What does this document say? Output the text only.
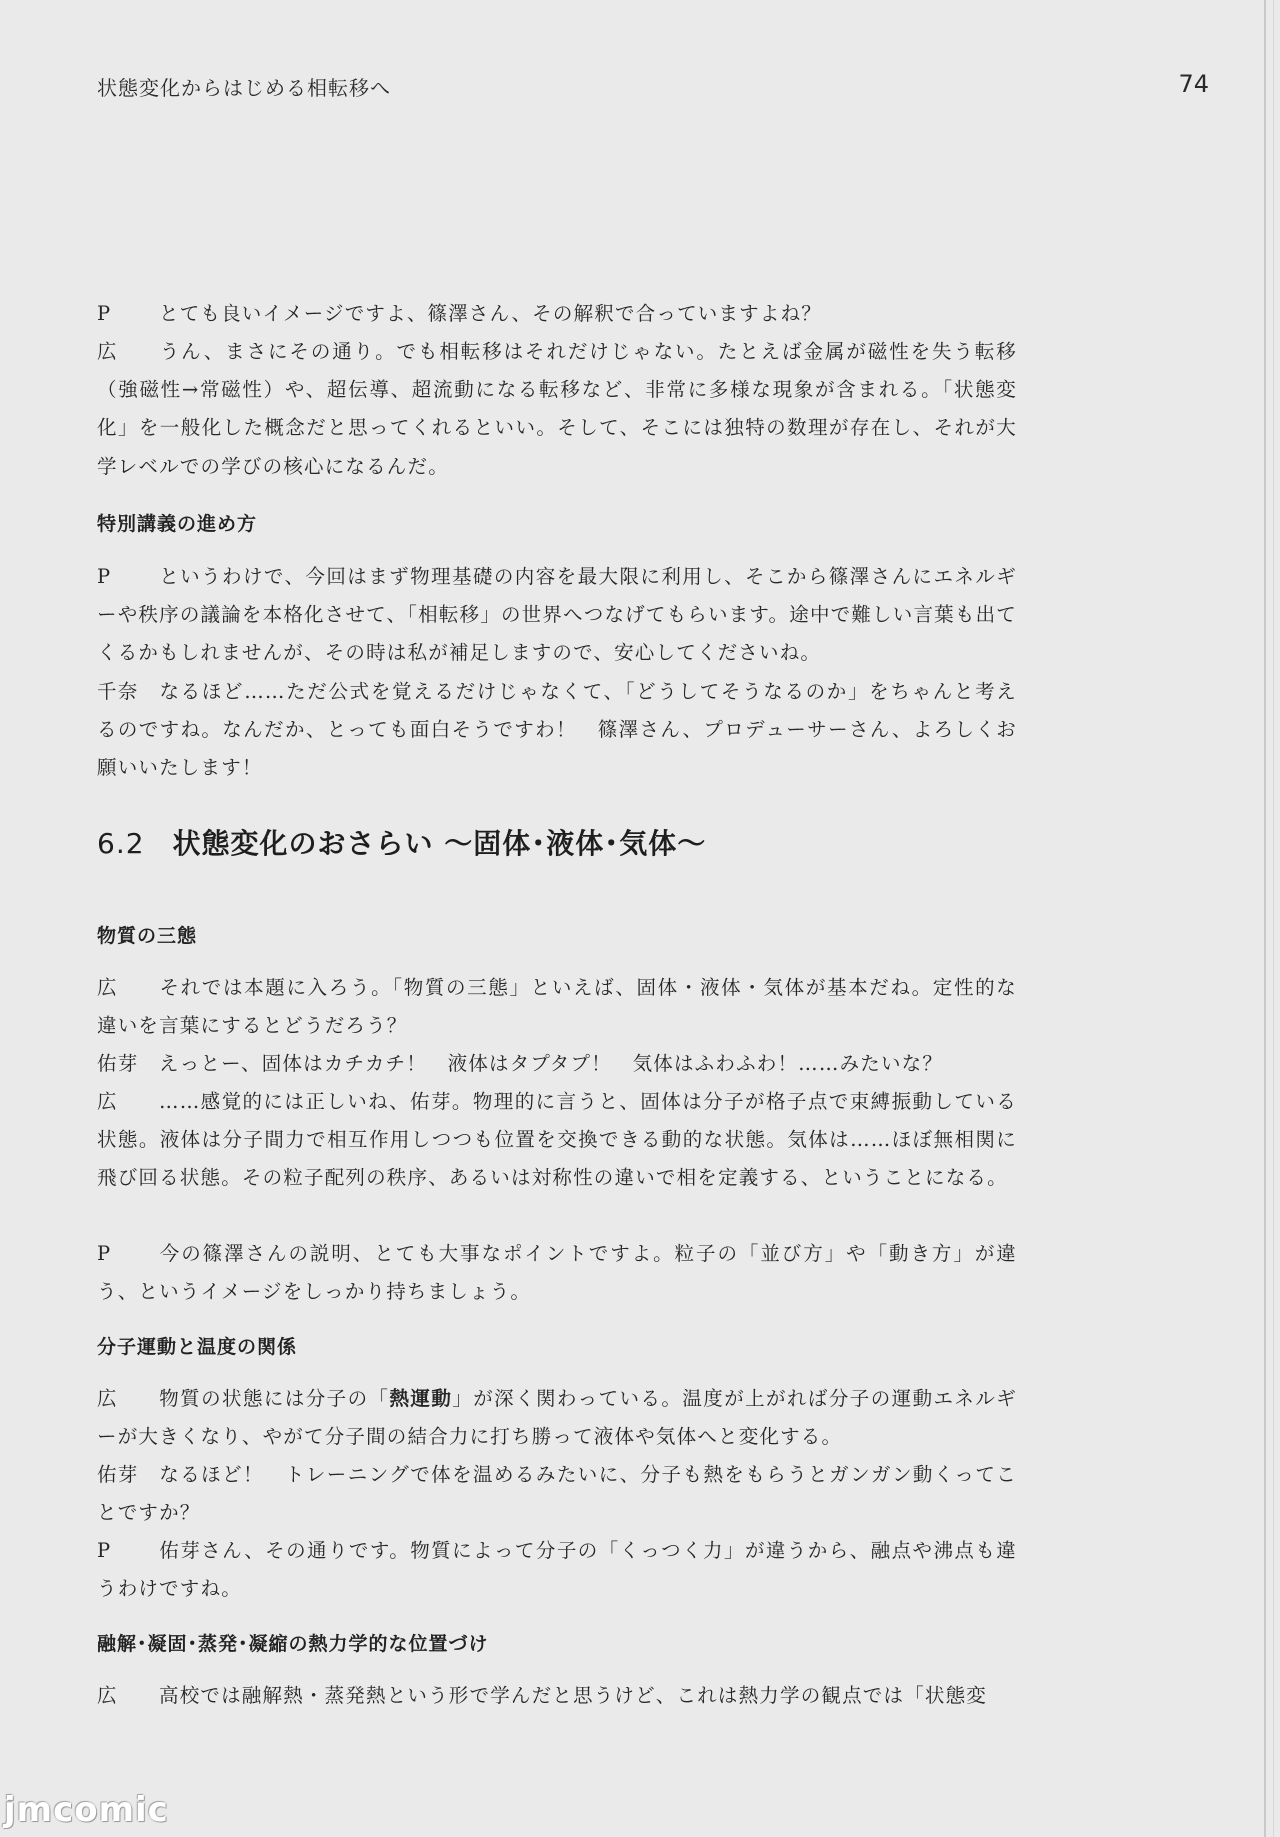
状態変化からはじめる相転移へ	74
P とても良いイメージですよ、篠澤さん、その解釈で合っていますよね？
広 うん、まさにその通り。でも相転移はそれだけじゃない。たとえば金属が磁性を失う転移（強磁性→常磁性）や、超伝導、超流動になる転移など、非常に多様な現象が含まれる。「状態変化」を一般化した概念だと思ってくれるといい。そして、そこには独特の数理が存在し、それが大学レベルでの学びの核心になるんだ。
特別講義の進め方
P というわけで、今回はまず物理基礎の内容を最大限に利用し、そこから篠澤さんにエネルギーや秩序の議論を本格化させて、「相転移」の世界へつなげてもらいます。途中で難しい言葉も出てくるかもしれませんが、その時は私が補足しますので、安心してくださいね。
千奈 なるほど……ただ公式を覚えるだけじゃなくて、「どうしてそうなるのか」をちゃんと考えるのですね。なんだか、とっても面白そうですわ！　篠澤さん、プロデューサーさん、よろしくお願いいたします！
6.2 状態変化のおさらい 〜固体･液体･気体〜
物質の三態
広 それでは本題に入ろう。「物質の三態」といえば、固体・液体・気体が基本だね。定性的な違いを言葉にするとどうだろう？
佑芽 えっとー、固体はカチカチ！　液体はタプタプ！　気体はふわふわ！……みたいな？
広 ……感覚的には正しいね、佑芽。物理的に言うと、固体は分子が格子点で束縛振動している状態。液体は分子間力で相互作用しつつも位置を交換できる動的な状態。気体は……ほぼ無相関に飛び回る状態。その粒子配列の秩序、あるいは対称性の違いで相を定義する、ということになる。
P 今の篠澤さんの説明、とても大事なポイントですよ。粒子の「並び方」や「動き方」が違う、というイメージをしっかり持ちましょう。
分子運動と温度の関係
広 物質の状態には分子の「熱運動」が深く関わっている。温度が上がれば分子の運動エネルギーが大きくなり、やがて分子間の結合力に打ち勝って液体や気体へと変化する。
佑芽 なるほど！　トレーニングで体を温めるみたいに、分子も熱をもらうとガンガン動くってことですか？
P 佑芽さん、その通りです。物質によって分子の「くっつく力」が違うから、融点や沸点も違うわけですね。
融解･凝固･蒸発･凝縮の熱力学的な位置づけ
広 高校では融解熱・蒸発熱という形で学んだと思うけど、これは熱力学の観点では「状態変
jmcomic
